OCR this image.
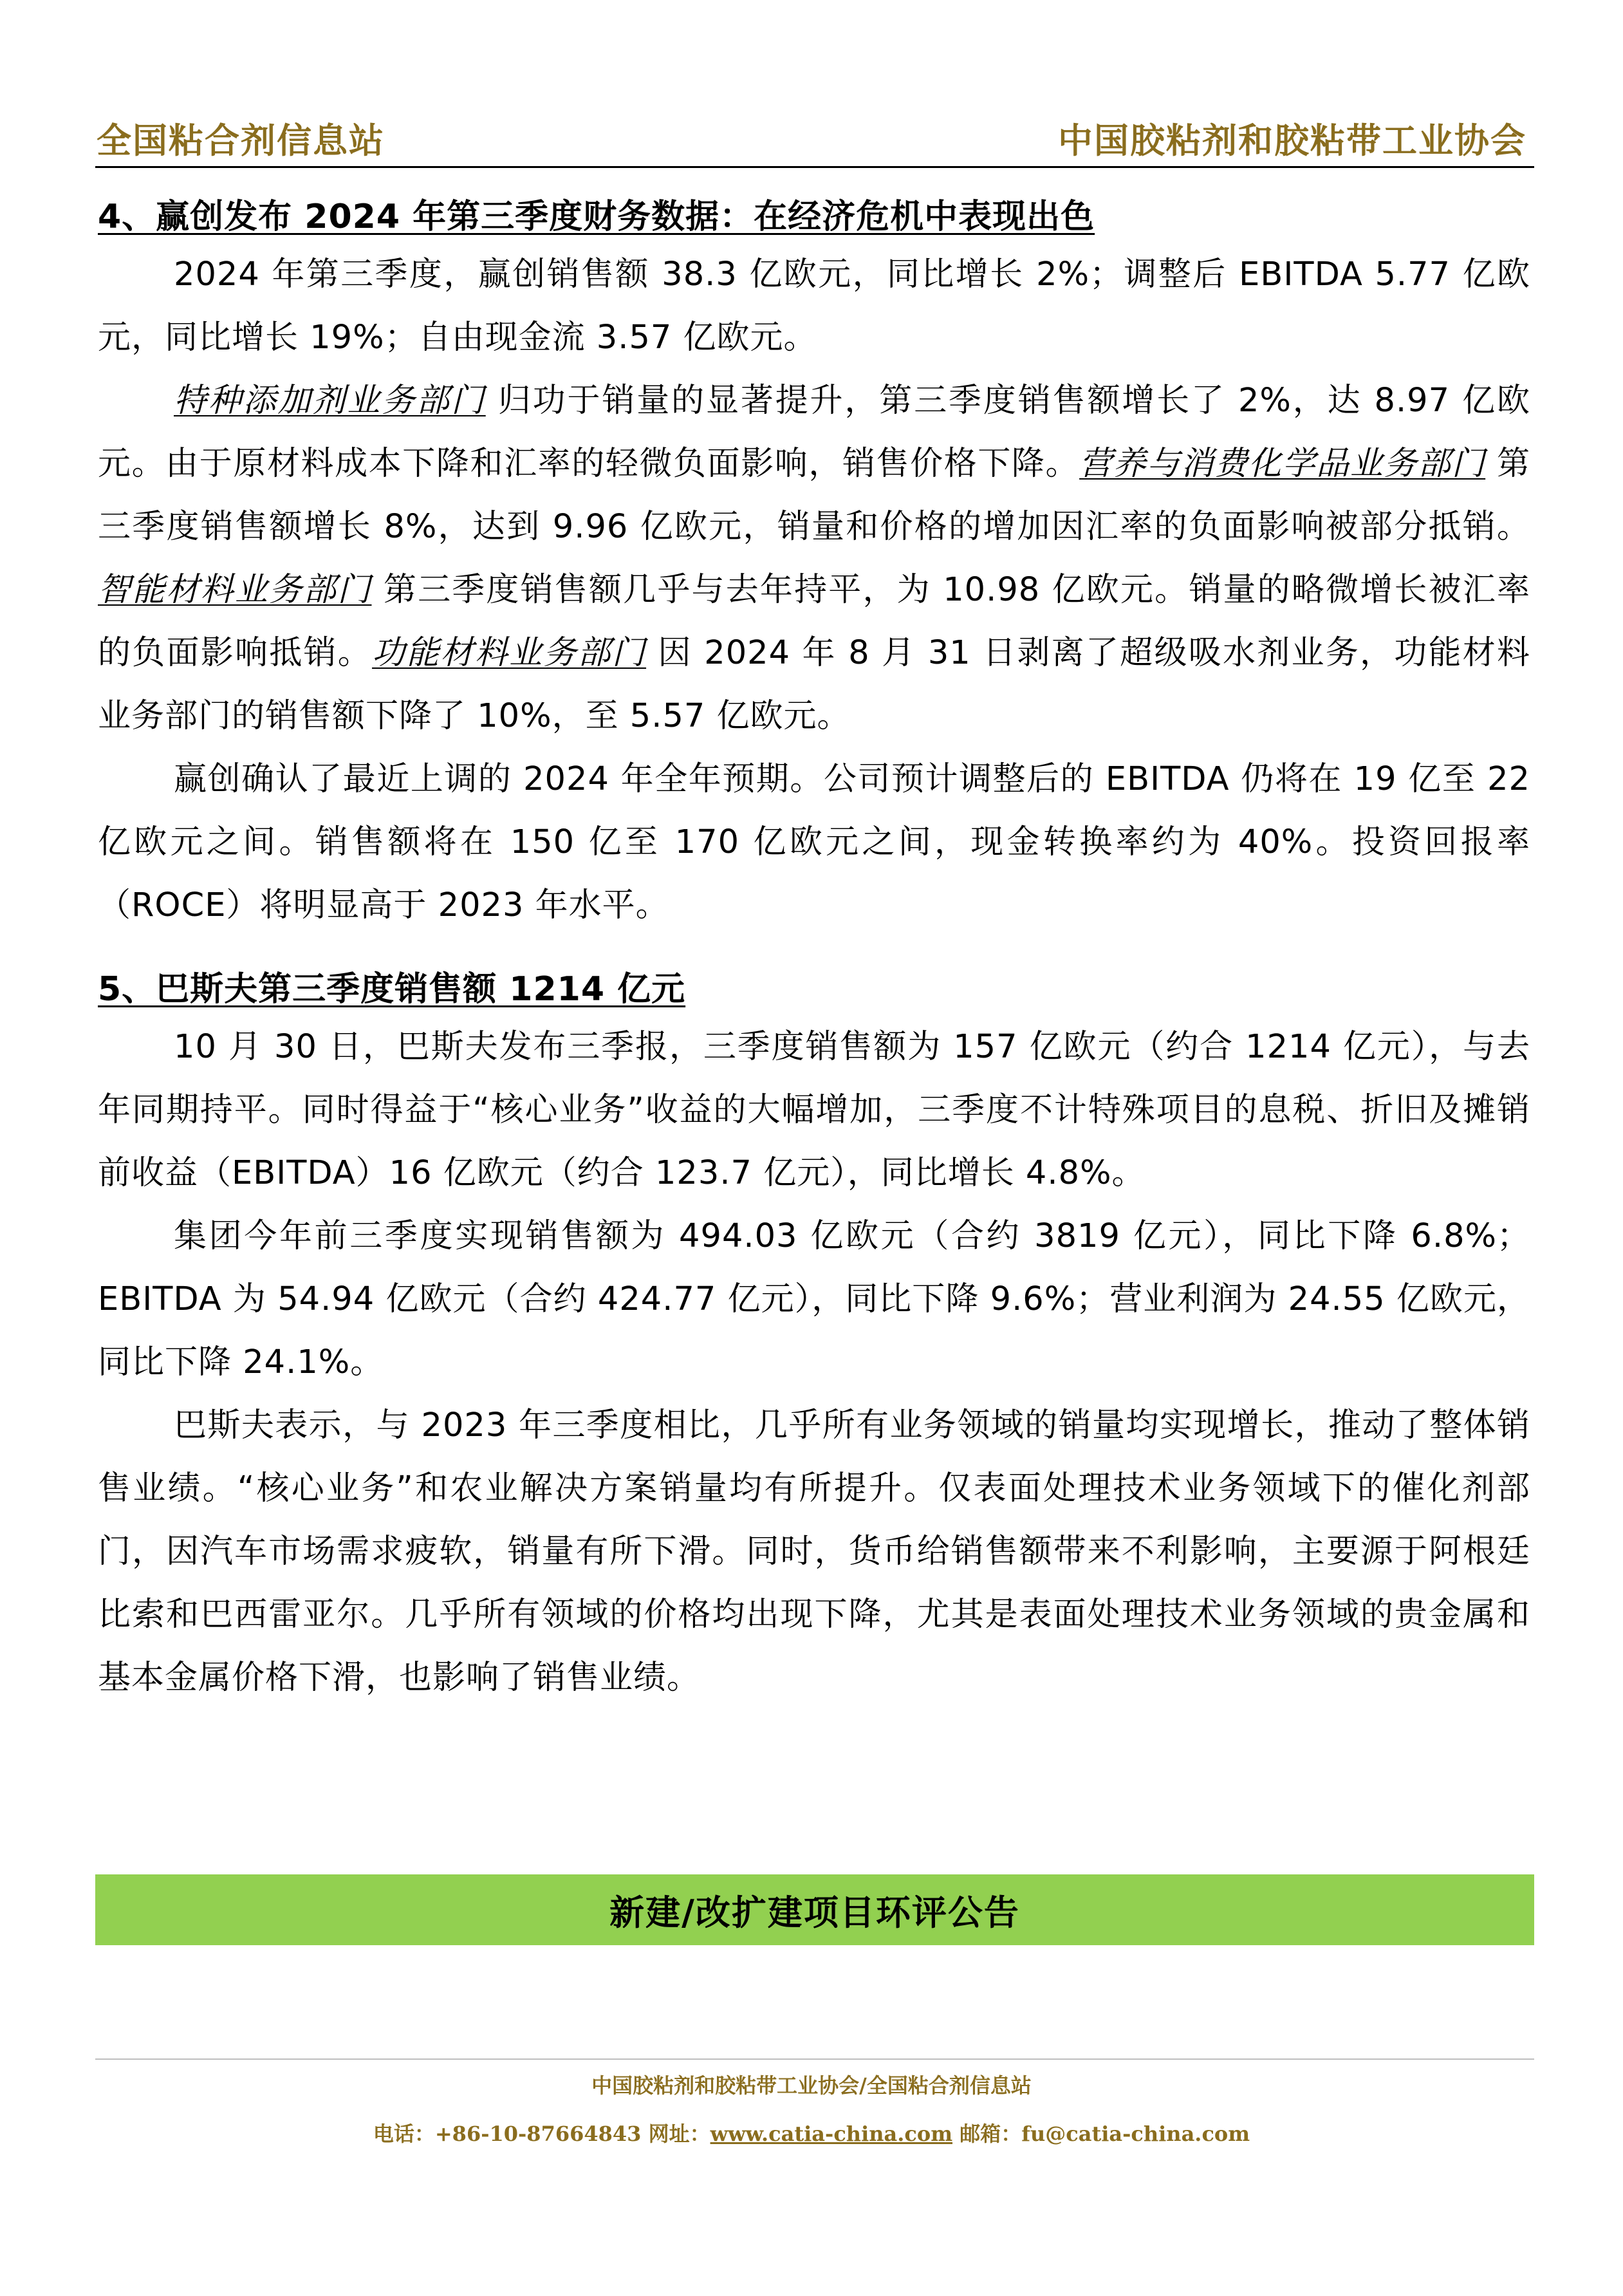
全国粘合剂信息站	中国胶粘剂和胶粘带工业协会
4、赢创发布 2024 年第三季度财务数据：在经济危机中表现出色

2024 年第三季度，赢创销售额 38.3 亿欧元，同比增长 2%；调整后 EBITDA 5.77 亿欧元，同比增长 19%；自由现金流 3.57 亿欧元。

特种添加剂业务部门 归功于销量的显著提升，第三季度销售额增长了 2%，达 8.97 亿欧元。由于原材料成本下降和汇率的轻微负面影响，销售价格下降。营养与消费化学品业务部门 第三季度销售额增长 8%，达到 9.96 亿欧元，销量和价格的增加因汇率的负面影响被部分抵销。智能材料业务部门 第三季度销售额几乎与去年持平，为 10.98 亿欧元。销量的略微增长被汇率的负面影响抵销。功能材料业务部门 因 2024 年 8 月 31 日剥离了超级吸水剂业务，功能材料业务部门的销售额下降了 10%，至 5.57 亿欧元。

赢创确认了最近上调的 2024 年全年预期。公司预计调整后的 EBITDA 仍将在 19 亿至 22 亿欧元之间。销售额将在 150 亿至 170 亿欧元之间，现金转换率约为 40%。投资回报率（ROCE）将明显高于 2023 年水平。

5、巴斯夫第三季度销售额 1214 亿元

10 月 30 日，巴斯夫发布三季报，三季度销售额为 157 亿欧元（约合 1214 亿元），与去年同期持平。同时得益于“核心业务”收益的大幅增加，三季度不计特殊项目的息税、折旧及摊销前收益（EBITDA）16 亿欧元（约合 123.7 亿元），同比增长 4.8%。

集团今年前三季度实现销售额为 494.03 亿欧元（合约 3819 亿元），同比下降 6.8%；EBITDA 为 54.94 亿欧元（合约 424.77 亿元），同比下降 9.6%；营业利润为 24.55 亿欧元，同比下降 24.1%。

巴斯夫表示，与 2023 年三季度相比，几乎所有业务领域的销量均实现增长，推动了整体销售业绩。“核心业务”和农业解决方案销量均有所提升。仅表面处理技术业务领域下的催化剂部门，因汽车市场需求疲软，销量有所下滑。同时，货币给销售额带来不利影响，主要源于阿根廷比索和巴西雷亚尔。几乎所有领域的价格均出现下降，尤其是表面处理技术业务领域的贵金属和基本金属价格下滑，也影响了销售业绩。

新建/改扩建项目环评公告
中国胶粘剂和胶粘带工业协会/全国粘合剂信息站
电话：+86-10-87664843 网址：www.catia-china.com 邮箱：fu@catia-china.com
